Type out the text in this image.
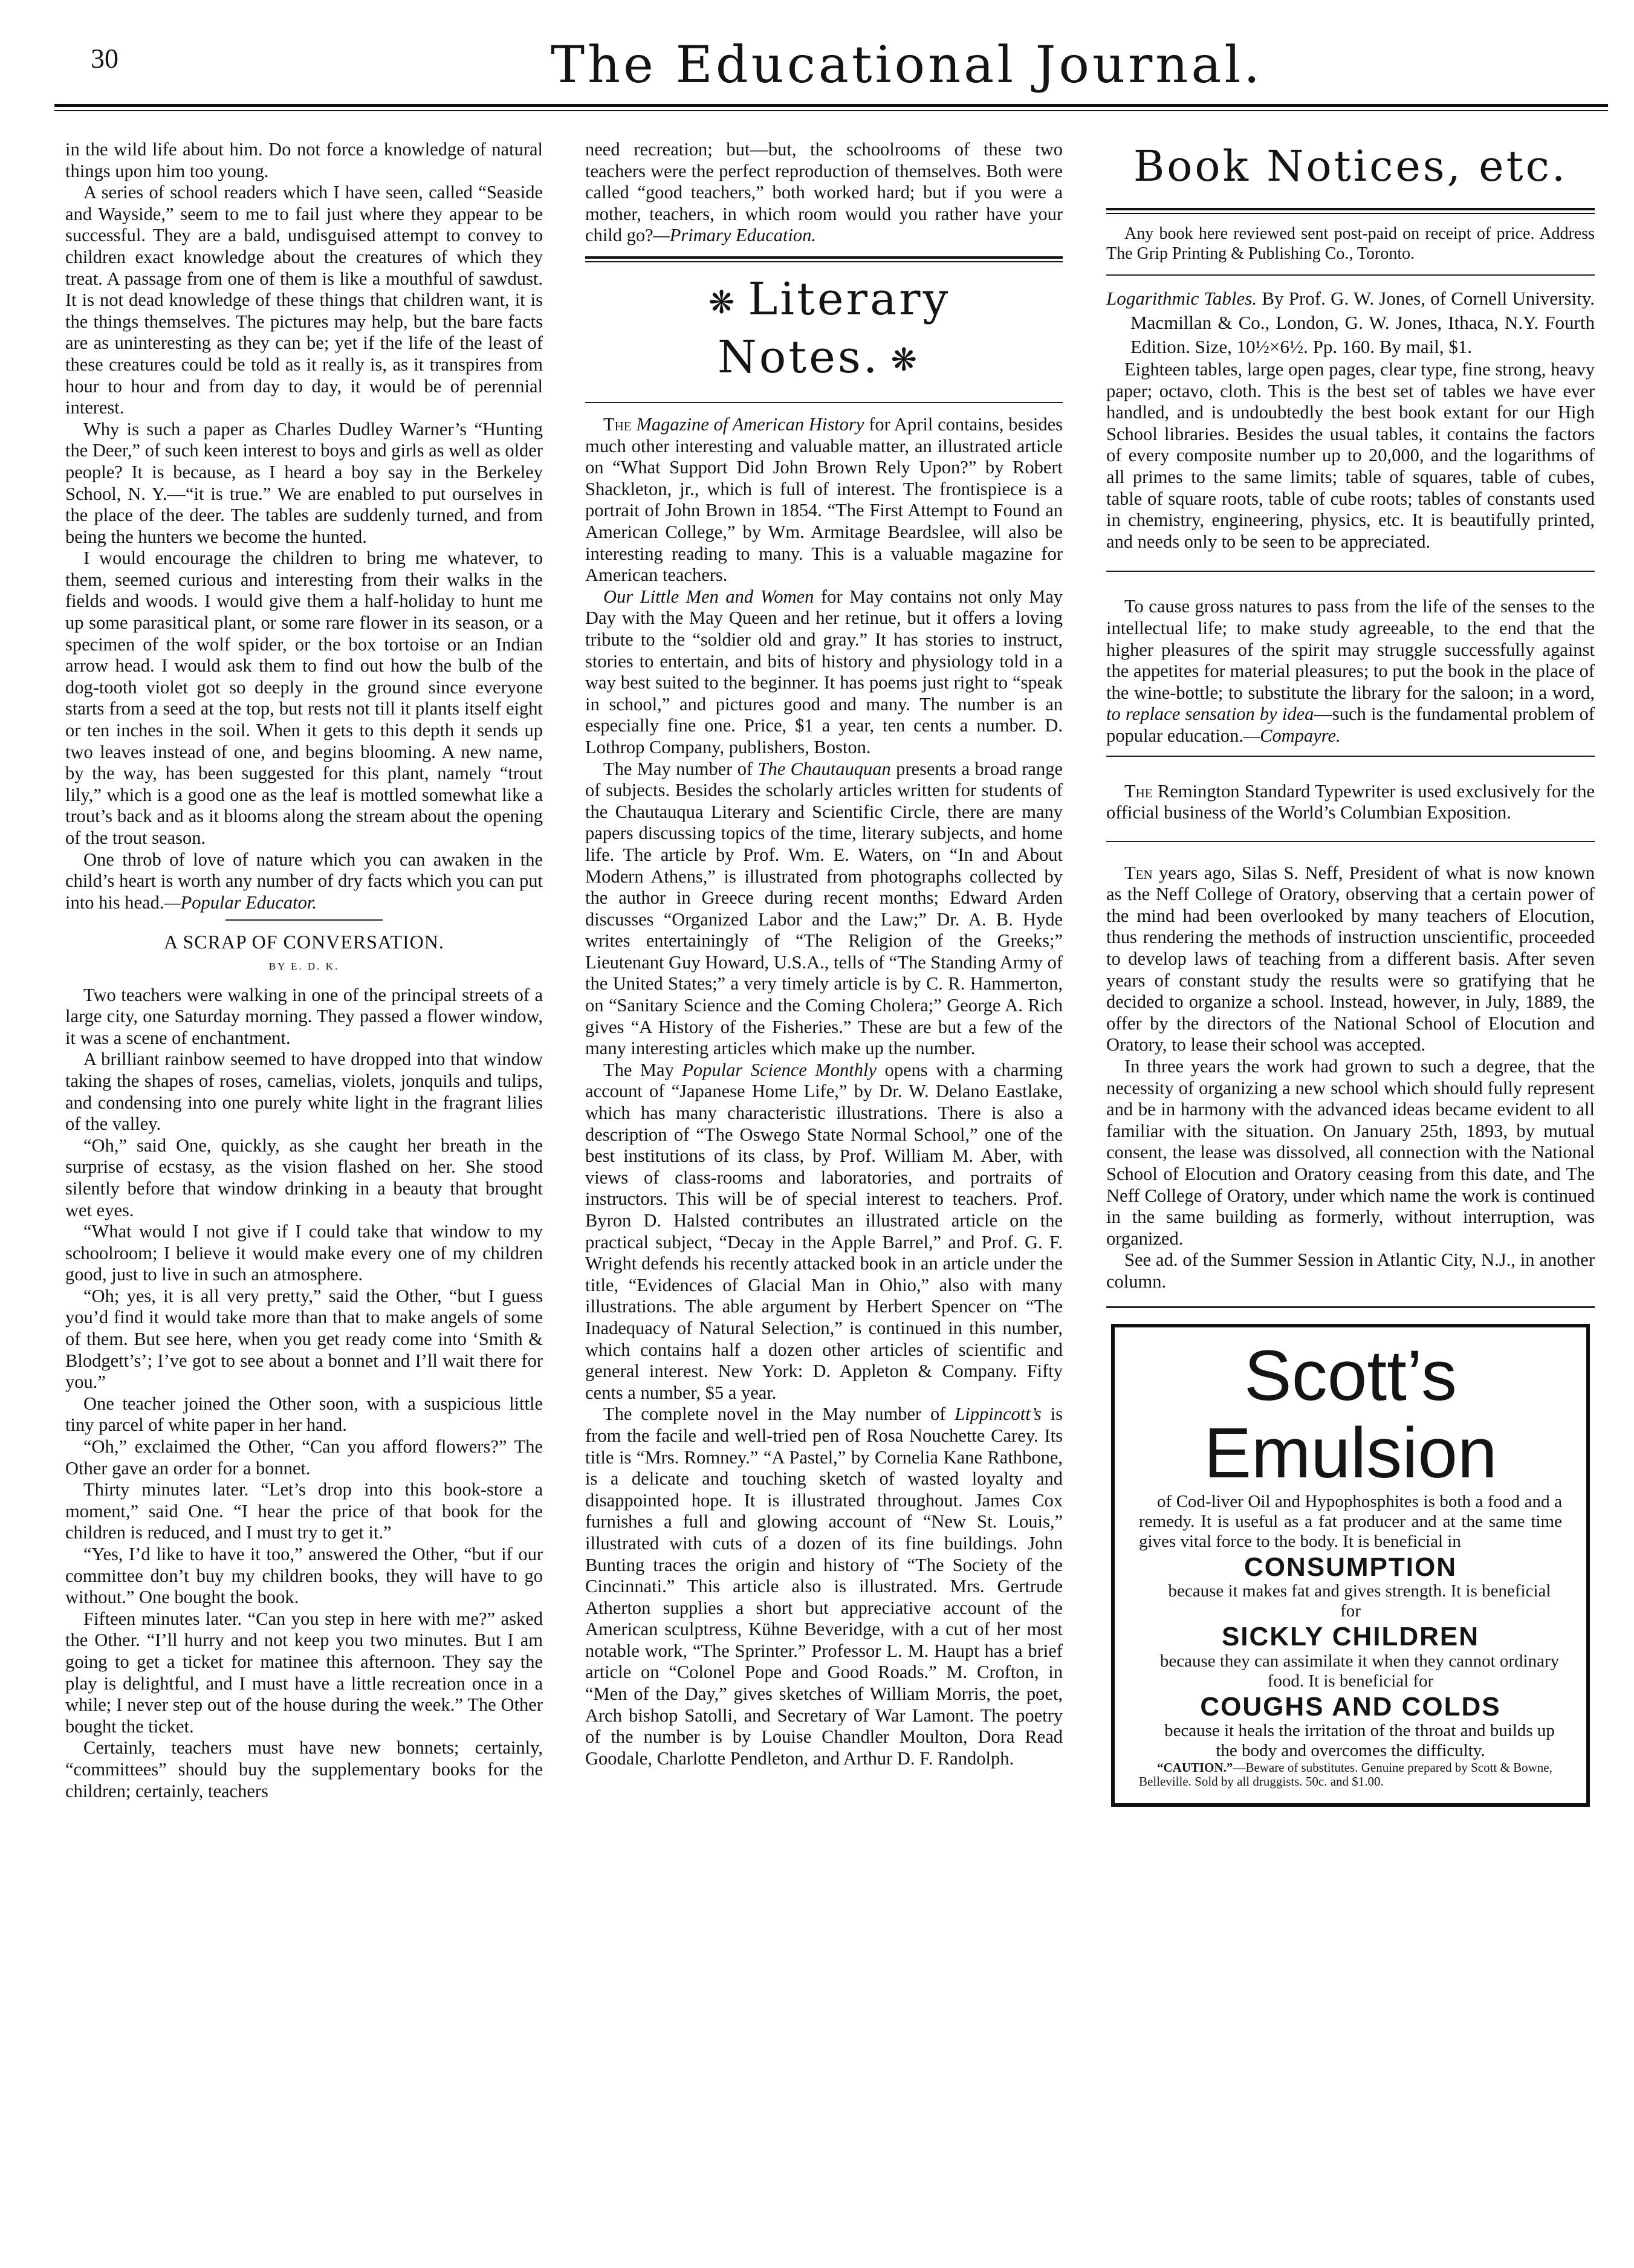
30	The Educational Journal.

in the wild life about him. Do not force a knowledge of natural things upon him too young.

A series of school readers which I have seen, called “Seaside and Wayside,” seem to me to fail just where they appear to be successful. They are a bald, undisguised attempt to convey to children exact knowledge about the creatures of which they treat. A passage from one of them is like a mouthful of sawdust. It is not dead knowledge of these things that children want, it is the things themselves. The pictures may help, but the bare facts are as uninteresting as they can be; yet if the life of the least of these creatures could be told as it really is, as it transpires from hour to hour and from day to day, it would be of perennial interest.

Why is such a paper as Charles Dudley Warner’s “Hunting the Deer,” of such keen interest to boys and girls as well as older people? It is because, as I heard a boy say in the Berkeley School, N. Y.—“it is true.” We are enabled to put ourselves in the place of the deer. The tables are suddenly turned, and from being the hunters we become the hunted.

I would encourage the children to bring me whatever, to them, seemed curious and interesting from their walks in the fields and woods. I would give them a half-holiday to hunt me up some parasitical plant, or some rare flower in its season, or a specimen of the wolf spider, or the box tortoise or an Indian arrow head. I would ask them to find out how the bulb of the dog-tooth violet got so deeply in the ground since everyone starts from a seed at the top, but rests not till it plants itself eight or ten inches in the soil. When it gets to this depth it sends up two leaves instead of one, and begins blooming. A new name, by the way, has been suggested for this plant, namely “trout lily,” which is a good one as the leaf is mottled somewhat like a trout’s back and as it blooms along the stream about the opening of the trout season.

One throb of love of nature which you can awaken in the child’s heart is worth any number of dry facts which you can put into his head.—Popular Educator.

A SCRAP OF CONVERSATION.

BY E. D. K.

Two teachers were walking in one of the principal streets of a large city, one Saturday morning. They passed a flower window, it was a scene of enchantment.

A brilliant rainbow seemed to have dropped into that window taking the shapes of roses, camelias, violets, jonquils and tulips, and condensing into one purely white light in the fragrant lilies of the valley.

“Oh,” said One, quickly, as she caught her breath in the surprise of ecstasy, as the vision flashed on her. She stood silently before that window drinking in a beauty that brought wet eyes.

“What would I not give if I could take that window to my schoolroom; I believe it would make every one of my children good, just to live in such an atmosphere.

“Oh; yes, it is all very pretty,” said the Other, “but I guess you’d find it would take more than that to make angels of some of them. But see here, when you get ready come into ‘Smith & Blodgett’s’; I’ve got to see about a bonnet and I’ll wait there for you.”

One teacher joined the Other soon, with a suspicious little tiny parcel of white paper in her hand.

“Oh,” exclaimed the Other, “Can you afford flowers?” The Other gave an order for a bonnet.

Thirty minutes later. “Let’s drop into this book-store a moment,” said One. “I hear the price of that book for the children is reduced, and I must try to get it.”

“Yes, I’d like to have it too,” answered the Other, “but if our committee don’t buy my children books, they will have to go without.” One bought the book.

Fifteen minutes later. “Can you step in here with me?” asked the Other. “I’ll hurry and not keep you two minutes. But I am going to get a ticket for matinee this afternoon. They say the play is delightful, and I must have a little recreation once in a while; I never step out of the house during the week.” The Other bought the ticket.

Certainly, teachers must have new bonnets; certainly, “committees” should buy the supplementary books for the children; certainly, teachers

need recreation; but—but, the schoolrooms of these two teachers were the perfect reproduction of themselves. Both were called “good teachers,” both worked hard; but if you were a mother, teachers, in which room would you rather have your child go?—Primary Education.

❋ Literary Notes. ❋

The Magazine of American History for April contains, besides much other interesting and valuable matter, an illustrated article on “What Support Did John Brown Rely Upon?” by Robert Shackleton, jr., which is full of interest. The frontispiece is a portrait of John Brown in 1854. “The First Attempt to Found an American College,” by Wm. Armitage Beardslee, will also be interesting reading to many. This is a valuable magazine for American teachers.

Our Little Men and Women for May contains not only May Day with the May Queen and her retinue, but it offers a loving tribute to the “soldier old and gray.” It has stories to instruct, stories to entertain, and bits of history and physiology told in a way best suited to the beginner. It has poems just right to “speak in school,” and pictures good and many. The number is an especially fine one. Price, $1 a year, ten cents a number. D. Lothrop Company, publishers, Boston.

The May number of The Chautauquan presents a broad range of subjects. Besides the scholarly articles written for students of the Chautauqua Literary and Scientific Circle, there are many papers discussing topics of the time, literary subjects, and home life. The article by Prof. Wm. E. Waters, on “In and About Modern Athens,” is illustrated from photographs collected by the author in Greece during recent months; Edward Arden discusses “Organized Labor and the Law;” Dr. A. B. Hyde writes entertainingly of “The Religion of the Greeks;” Lieutenant Guy Howard, U.S.A., tells of “The Standing Army of the United States;” a very timely article is by C. R. Hammerton, on “Sanitary Science and the Coming Cholera;” George A. Rich gives “A History of the Fisheries.” These are but a few of the many interesting articles which make up the number.

The May Popular Science Monthly opens with a charming account of “Japanese Home Life,” by Dr. W. Delano Eastlake, which has many characteristic illustrations. There is also a description of “The Oswego State Normal School,” one of the best institutions of its class, by Prof. William M. Aber, with views of class-rooms and laboratories, and portraits of instructors. This will be of special interest to teachers. Prof. Byron D. Halsted contributes an illustrated article on the practical subject, “Decay in the Apple Barrel,” and Prof. G. F. Wright defends his recently attacked book in an article under the title, “Evidences of Glacial Man in Ohio,” also with many illustrations. The able argument by Herbert Spencer on “The Inadequacy of Natural Selection,” is continued in this number, which contains half a dozen other articles of scientific and general interest. New York: D. Appleton & Company. Fifty cents a number, $5 a year.

The complete novel in the May number of Lippincott’s is from the facile and well-tried pen of Rosa Nouchette Carey. Its title is “Mrs. Romney.” “A Pastel,” by Cornelia Kane Rathbone, is a delicate and touching sketch of wasted loyalty and disappointed hope. It is illustrated throughout. James Cox furnishes a full and glowing account of “New St. Louis,” illustrated with cuts of a dozen of its fine buildings. John Bunting traces the origin and history of “The Society of the Cincinnati.” This article also is illustrated. Mrs. Gertrude Atherton supplies a short but appreciative account of the American sculptress, Kühne Beveridge, with a cut of her most notable work, “The Sprinter.” Professor L. M. Haupt has a brief article on “Colonel Pope and Good Roads.” M. Crofton, in “Men of the Day,” gives sketches of William Morris, the poet, Arch bishop Satolli, and Secretary of War Lamont. The poetry of the number is by Louise Chandler Moulton, Dora Read Goodale, Charlotte Pendleton, and Arthur D. F. Randolph.

Book Notices, etc.

Any book here reviewed sent post-paid on receipt of price. Address The Grip Printing & Publishing Co., Toronto.

Logarithmic Tables. By Prof. G. W. Jones, of Cornell University. Macmillan & Co., London, G. W. Jones, Ithaca, N.Y. Fourth Edition. Size, 10½×6½. Pp. 160. By mail, $1.

Eighteen tables, large open pages, clear type, fine strong, heavy paper; octavo, cloth. This is the best set of tables we have ever handled, and is undoubtedly the best book extant for our High School libraries. Besides the usual tables, it contains the factors of every composite number up to 20,000, and the logarithms of all primes to the same limits; table of squares, table of cubes, table of square roots, table of cube roots; tables of constants used in chemistry, engineering, physics, etc. It is beautifully printed, and needs only to be seen to be appreciated.

To cause gross natures to pass from the life of the senses to the intellectual life; to make study agreeable, to the end that the higher pleasures of the spirit may struggle successfully against the appetites for material pleasures; to put the book in the place of the wine-bottle; to substitute the library for the saloon; in a word, to replace sensation by idea—such is the fundamental problem of popular education.—Compayre.

The Remington Standard Typewriter is used exclusively for the official business of the World’s Columbian Exposition.

Ten years ago, Silas S. Neff, President of what is now known as the Neff College of Oratory, observing that a certain power of the mind had been overlooked by many teachers of Elocution, thus rendering the methods of instruction unscientific, proceeded to develop laws of teaching from a different basis. After seven years of constant study the results were so gratifying that he decided to organize a school. Instead, however, in July, 1889, the offer by the directors of the National School of Elocution and Oratory, to lease their school was accepted.

In three years the work had grown to such a degree, that the necessity of organizing a new school which should fully represent and be in harmony with the advanced ideas became evident to all familiar with the situation. On January 25th, 1893, by mutual consent, the lease was dissolved, all connection with the National School of Elocution and Oratory ceasing from this date, and The Neff College of Oratory, under which name the work is continued in the same building as formerly, without interruption, was organized.

See ad. of the Summer Session in Atlantic City, N.J., in another column.

Scott’s
Emulsion

of Cod-liver Oil and Hypophosphites is both a food and a remedy. It is useful as a fat producer and at the same time gives vital force to the body. It is beneficial in

CONSUMPTION

because it makes fat and gives strength. It is beneficial for

SICKLY CHILDREN

because they can assimilate it when they cannot ordinary food. It is beneficial for

COUGHS AND COLDS

because it heals the irritation of the throat and builds up the body and overcomes the difficulty.

“CAUTION.”—Beware of substitutes. Genuine prepared by Scott & Bowne, Belleville. Sold by all druggists. 50c. and $1.00.
